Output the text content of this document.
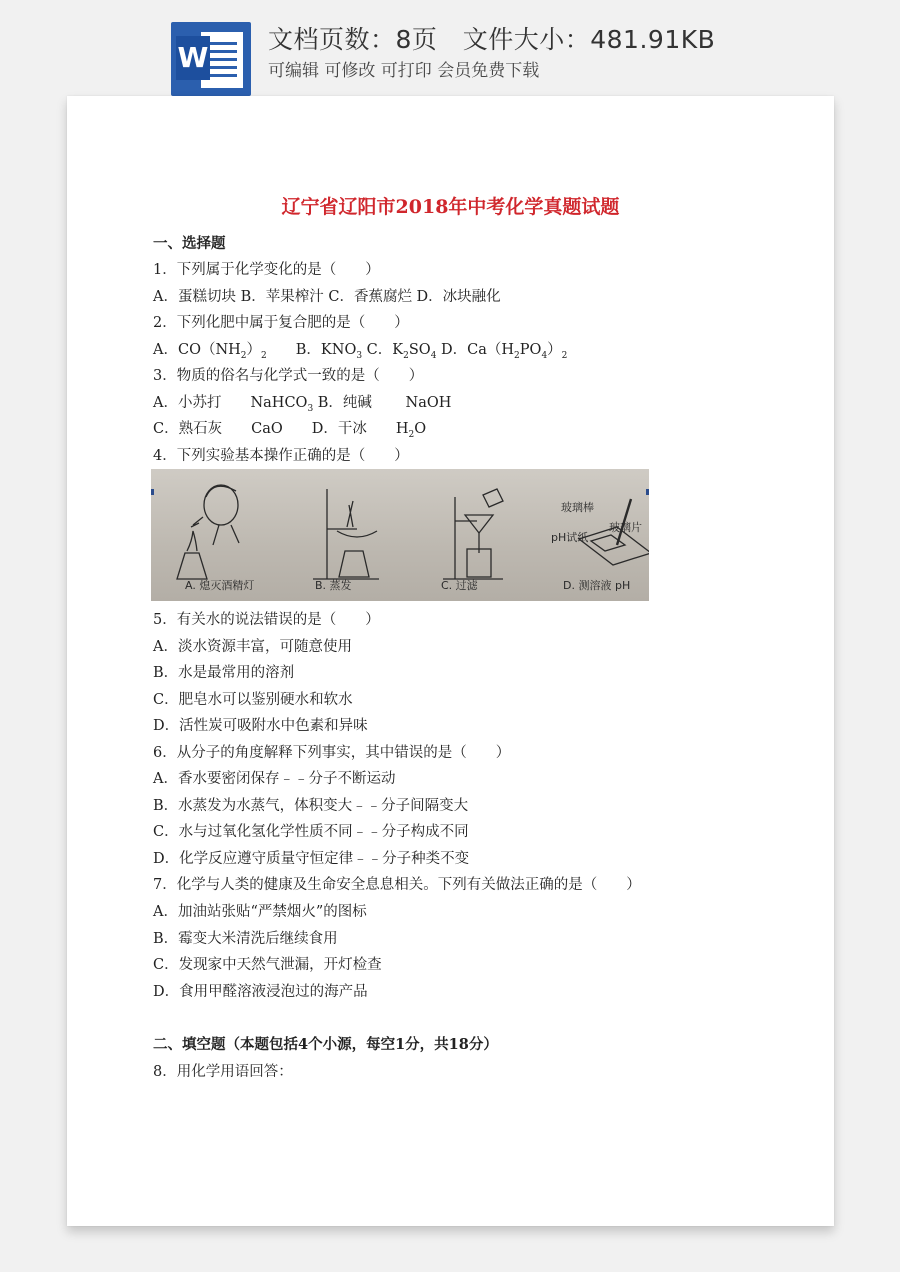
W
文档页数：8页   文件大小：481.91KB
可编辑 可修改 可打印 会员免费下载
辽宁省辽阳市2018年中考化学真题试题
一、选择题
1．下列属于化学变化的是（　　）
A．蛋糕切块 B．苹果榨汁 C．香蕉腐烂 D．冰块融化
2．下列化肥中属于复合肥的是（　　）
A．$CO(NH_2)_2$　　B．$KNO_3$ C．$K_2SO_4$ D．$Ca(H_2PO_4)_2$
3．物质的俗名与化学式一致的是（　　）
A．小苏打　　NaHCO$_3$ B．纯碱　　 NaOH
C．熟石灰　　CaO　　D．干冰　　$H_2O$
4．下列实验基本操作正确的是（　　）
玻璃棒
玻璃片
pH试纸
A. 熄灭酒精灯	B. 蒸发	C. 过滤	D. 测溶液 pH
5．有关水的说法错误的是（　　）
A．淡水资源丰富，可随意使用
B．水是最常用的溶剂
C．肥皂水可以鉴别硬水和软水
D．活性炭可吸附水中色素和异味
6．从分子的角度解释下列事实，其中错误的是（　　）
A．香水要密闭保存﹣﹣分子不断运动
B．水蒸发为水蒸气，体积变大﹣﹣分子间隔变大
C．水与过氧化氢化学性质不同﹣﹣分子构成不同
D．化学反应遵守质量守恒定律﹣﹣分子种类不变
7．化学与人类的健康及生命安全息息相关。下列有关做法正确的是（　　）
A．加油站张贴“严禁烟火”的图标
B．霉变大米清洗后继续食用
C．发现家中天然气泄漏，开灯检查
D．食用甲醛溶液浸泡过的海产品
二、填空题（本题包括4个小源，每空1分，共18分）
8．用化学用语回答：
